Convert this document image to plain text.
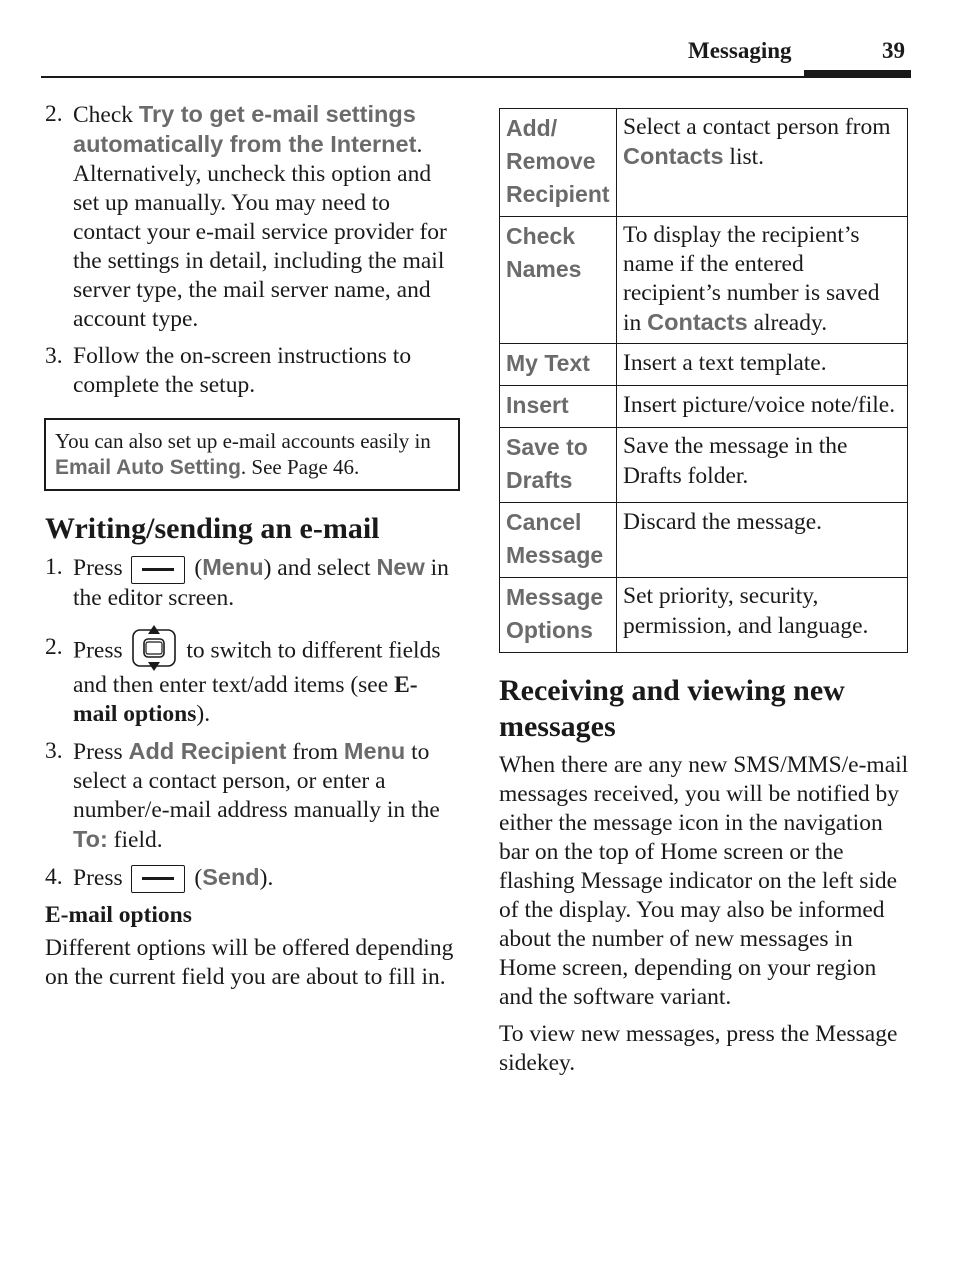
Messaging	39
2. Check Try to get e-mail settings automatically from the Internet. Alternatively, uncheck this option and set up manually. You may need to contact your e-mail service provider for the settings in detail, including the mail server type, the mail server name, and account type.
3. Follow the on-screen instructions to complete the setup.
You can also set up e-mail accounts easily in Email Auto Setting. See Page 46.
Writing/sending an e-mail
1. Press	(Menu) and select New in the editor screen.
2. Press  to switch to different fields and then enter text/add items (see E-mail options).
3. Press Add Recipient from Menu to select a contact person, or enter a number/e-mail address manually in the To: field.
4. Press	(Send).
E-mail options

Different options will be offered depending on the current field you are about to fill in.

Add/ Remove Recipient	Select a contact person from Contacts list.
Check Names	To display the recipient’s name if the entered recipient’s number is saved in Contacts already.
My Text	Insert a text template.
Insert	Insert picture/voice note/file.
Save to Drafts	Save the message in the Drafts folder.
Cancel Message	Discard the message.
Message Options	Set priority, security, permission, and language.
Receiving and viewing new messages

When there are any new SMS/MMS/e-mail messages received, you will be notified by either the message icon in the navigation bar on the top of Home screen or the flashing Message indicator on the left side of the display. You may also be informed about the number of new messages in Home screen, depending on your region and the software variant.

To view new messages, press the Message sidekey.
